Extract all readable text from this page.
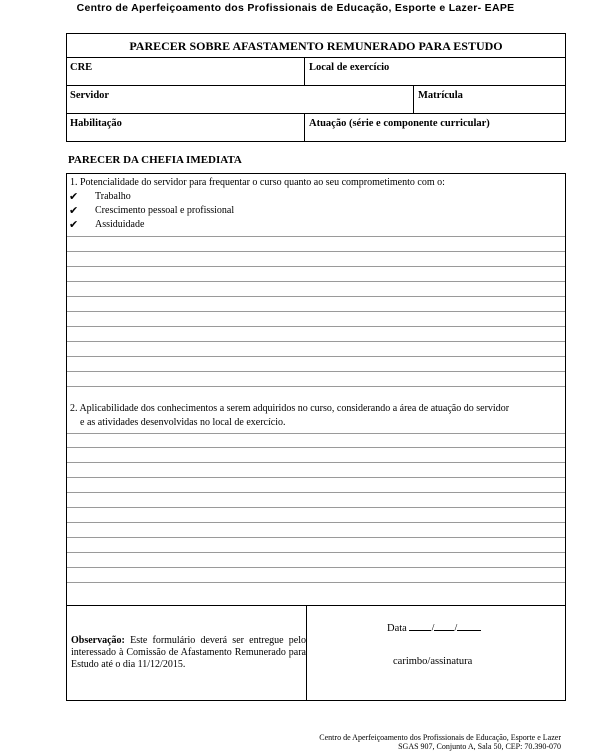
Centro de Aperfeiçoamento dos Profissionais de Educação, Esporte e Lazer- EAPE
PARECER SOBRE AFASTAMENTO REMUNERADO PARA ESTUDO
CRE	Local de exercício
Servidor	Matrícula
Habilitação	Atuação (série e componente curricular)
PARECER DA CHEFIA IMEDIATA
1. Potencialidade do servidor para frequentar o curso quanto ao seu comprometimento com o:
✔ Trabalho
✔ Crescimento pessoal e profissional
✔ Assiduidade
2. Aplicabilidade dos conhecimentos a serem adquiridos no curso, considerando a área de atuação do servidor
e as atividades desenvolvidas no local de exercício.
Observação: Este formulário deverá ser entregue pelo interessado à Comissão de Afastamento Remunerado para Estudo até o dia 11/12/2015.
Data / /
carimbo/assinatura
Centro de Aperfeiçoamento dos Profissionais de Educação, Esporte e Lazer
SGAS 907, Conjunto A, Sala 50, CEP: 70.390-070
